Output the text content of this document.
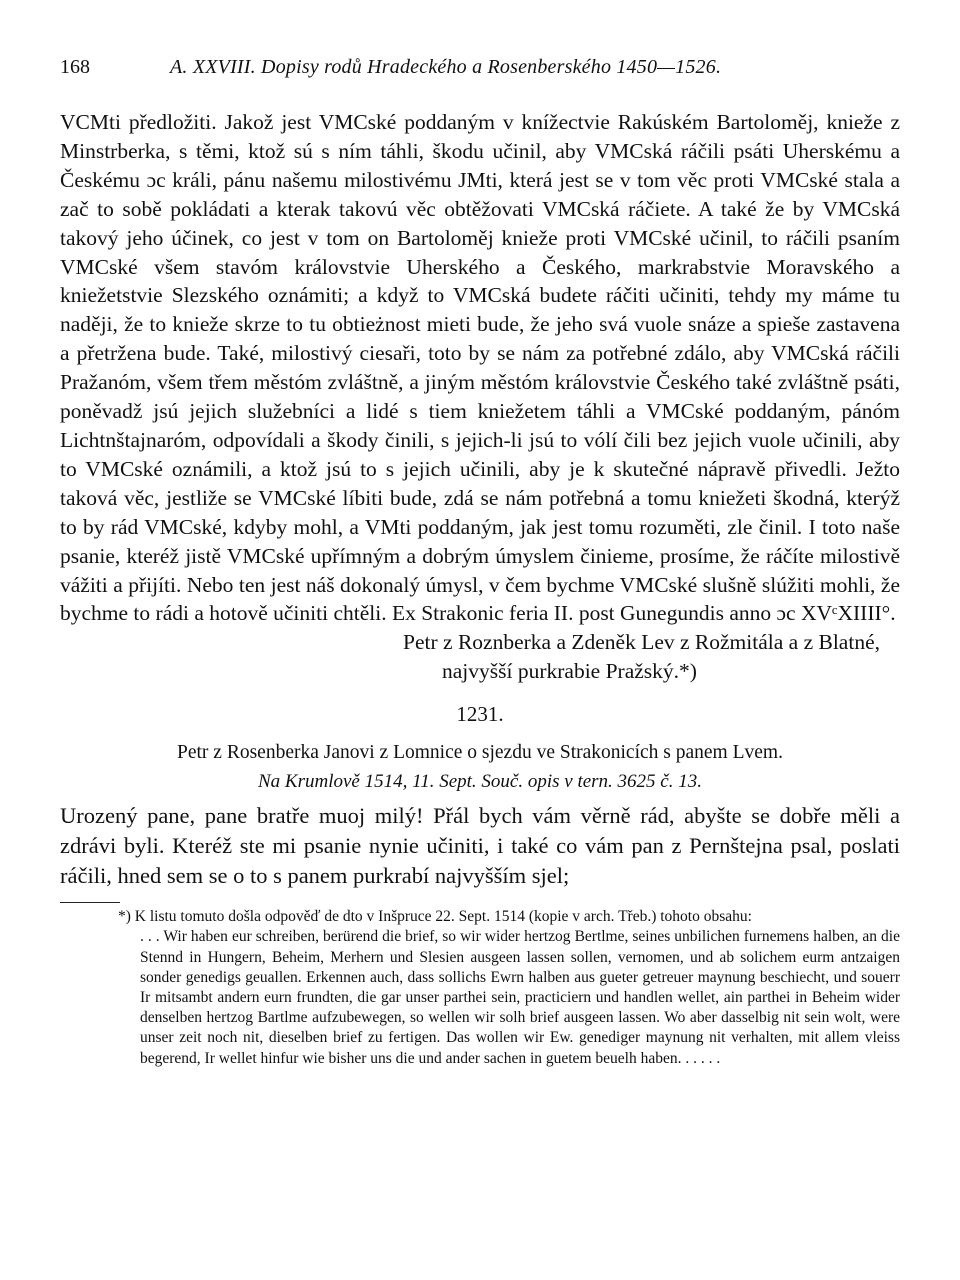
168	A. XXVIII. Dopisy rodů Hradeckého a Rosenberského 1450—1526.

VCMti předložiti. Jakož jest VMCské poddaným v knížectvie Rakúském Bartoloměj, knieže z Minstrberka, s těmi, ktož sú s ním táhli, škodu učinil, aby VMCská ráčili psáti Uherskému a Českému ɔc králi, pánu našemu milostivému JMti, která jest se v tom věc proti VMCské stala a zač to sobě pokládati a kterak takovú věc obtěžovati VMCská ráčiete. A také že by VMCská takový jeho účinek, co jest v tom on Bartoloměj knieže proti VMCské učinil, to ráčili psaním VMCské všem stavóm královstvie Uherského a Českého, markrabstvie Moravského a kniežetstvie Slezského oznámiti; a když to VMCská budete ráčiti učiniti, tehdy my máme tu naději, že to knieže skrze to tu obtieżnost mieti bude, že jeho svá vuole snáze a spieše zastavena a přetržena bude. Také, milostivý ciesaři, toto by se nám za potřebné zdálo, aby VMCská ráčili Pražanóm, všem třem městóm zvláštně, a jiným městóm královstvie Českého také zvláštně psáti, poněvadž jsú jejich služebníci a lidé s tiem kniežetem táhli a VMCské poddaným, pánóm Lichtnštajnaróm, odpovídali a škody činili, s jejich-li jsú to vólí čili bez jejich vuole učinili, aby to VMCské oznámili, a ktož jsú to s jejich učinili, aby je k skutečné nápravě přivedli. Ježto taková věc, jestliže se VMCské líbiti bude, zdá se nám potřebná a tomu kniežeti škodná, kterýž to by rád VMCské, kdyby mohl, a VMti poddaným, jak jest tomu rozuměti, zle činil. I toto naše psanie, kteréž jistě VMCské upřímným a dobrým úmyslem činieme, prosíme, že ráčíte milostivě vážiti a přijíti. Nebo ten jest náš dokonalý úmysl, v čem bychme VMCské slušně slúžiti mohli, že bychme to rádi a hotově učiniti chtěli. Ex Strakonic feria II. post Gunegundis anno ɔc XVᶜXIIII°.

Petr z Roznberka a Zdeněk Lev z Rožmitála a z Blatné,
najvyšší purkrabie Pražský.*)
1231.
Petr z Rosenberka Janovi z Lomnice o sjezdu ve Strakonicích s panem Lvem.
Na Krumlově 1514, 11. Sept. Souč. opis v tern. 3625 č. 13.

Urozený pane, pane bratře muoj milý! Přál bych vám věrně rád, abyšte se dobře měli a zdrávi byli. Kteréž ste mi psanie nynie učiniti, i také co vám pan z Pernštejna psal, poslati ráčili, hned sem se o to s panem purkrabí najvyšším sjel;

*) K listu tomuto došla odpověď de dto v Inšpruce 22. Sept. 1514 (kopie v arch. Třeb.) tohoto obsahu:
. . . Wir haben eur schreiben, berürend die brief, so wir wider hertzog Bertlme, seines unbilichen furnemens halben, an die Stennd in Hungern, Beheim, Merhern und Slesien ausgeen lassen sollen, vernomen, und ab solichem eurm antzaigen sonder genedigs geuallen. Erkennen auch, dass sollichs Ewrn halben aus gueter getreuer maynung beschiecht, und souerr Ir mitsambt andern eurn frundten, die gar unser parthei sein, practiciern und handlen wellet, ain parthei in Beheim wider denselben hertzog Bartlme aufzubewegen, so wellen wir solh brief ausgeen lassen. Wo aber dasselbig nit sein wolt, were unser zeit noch nit, dieselben brief zu fertigen. Das wollen wir Ew. genediger maynung nit verhalten, mit allem vleiss begerend, Ir wellet hinfur wie bisher uns die und ander sachen in guetem beuelh haben. . . . . .
